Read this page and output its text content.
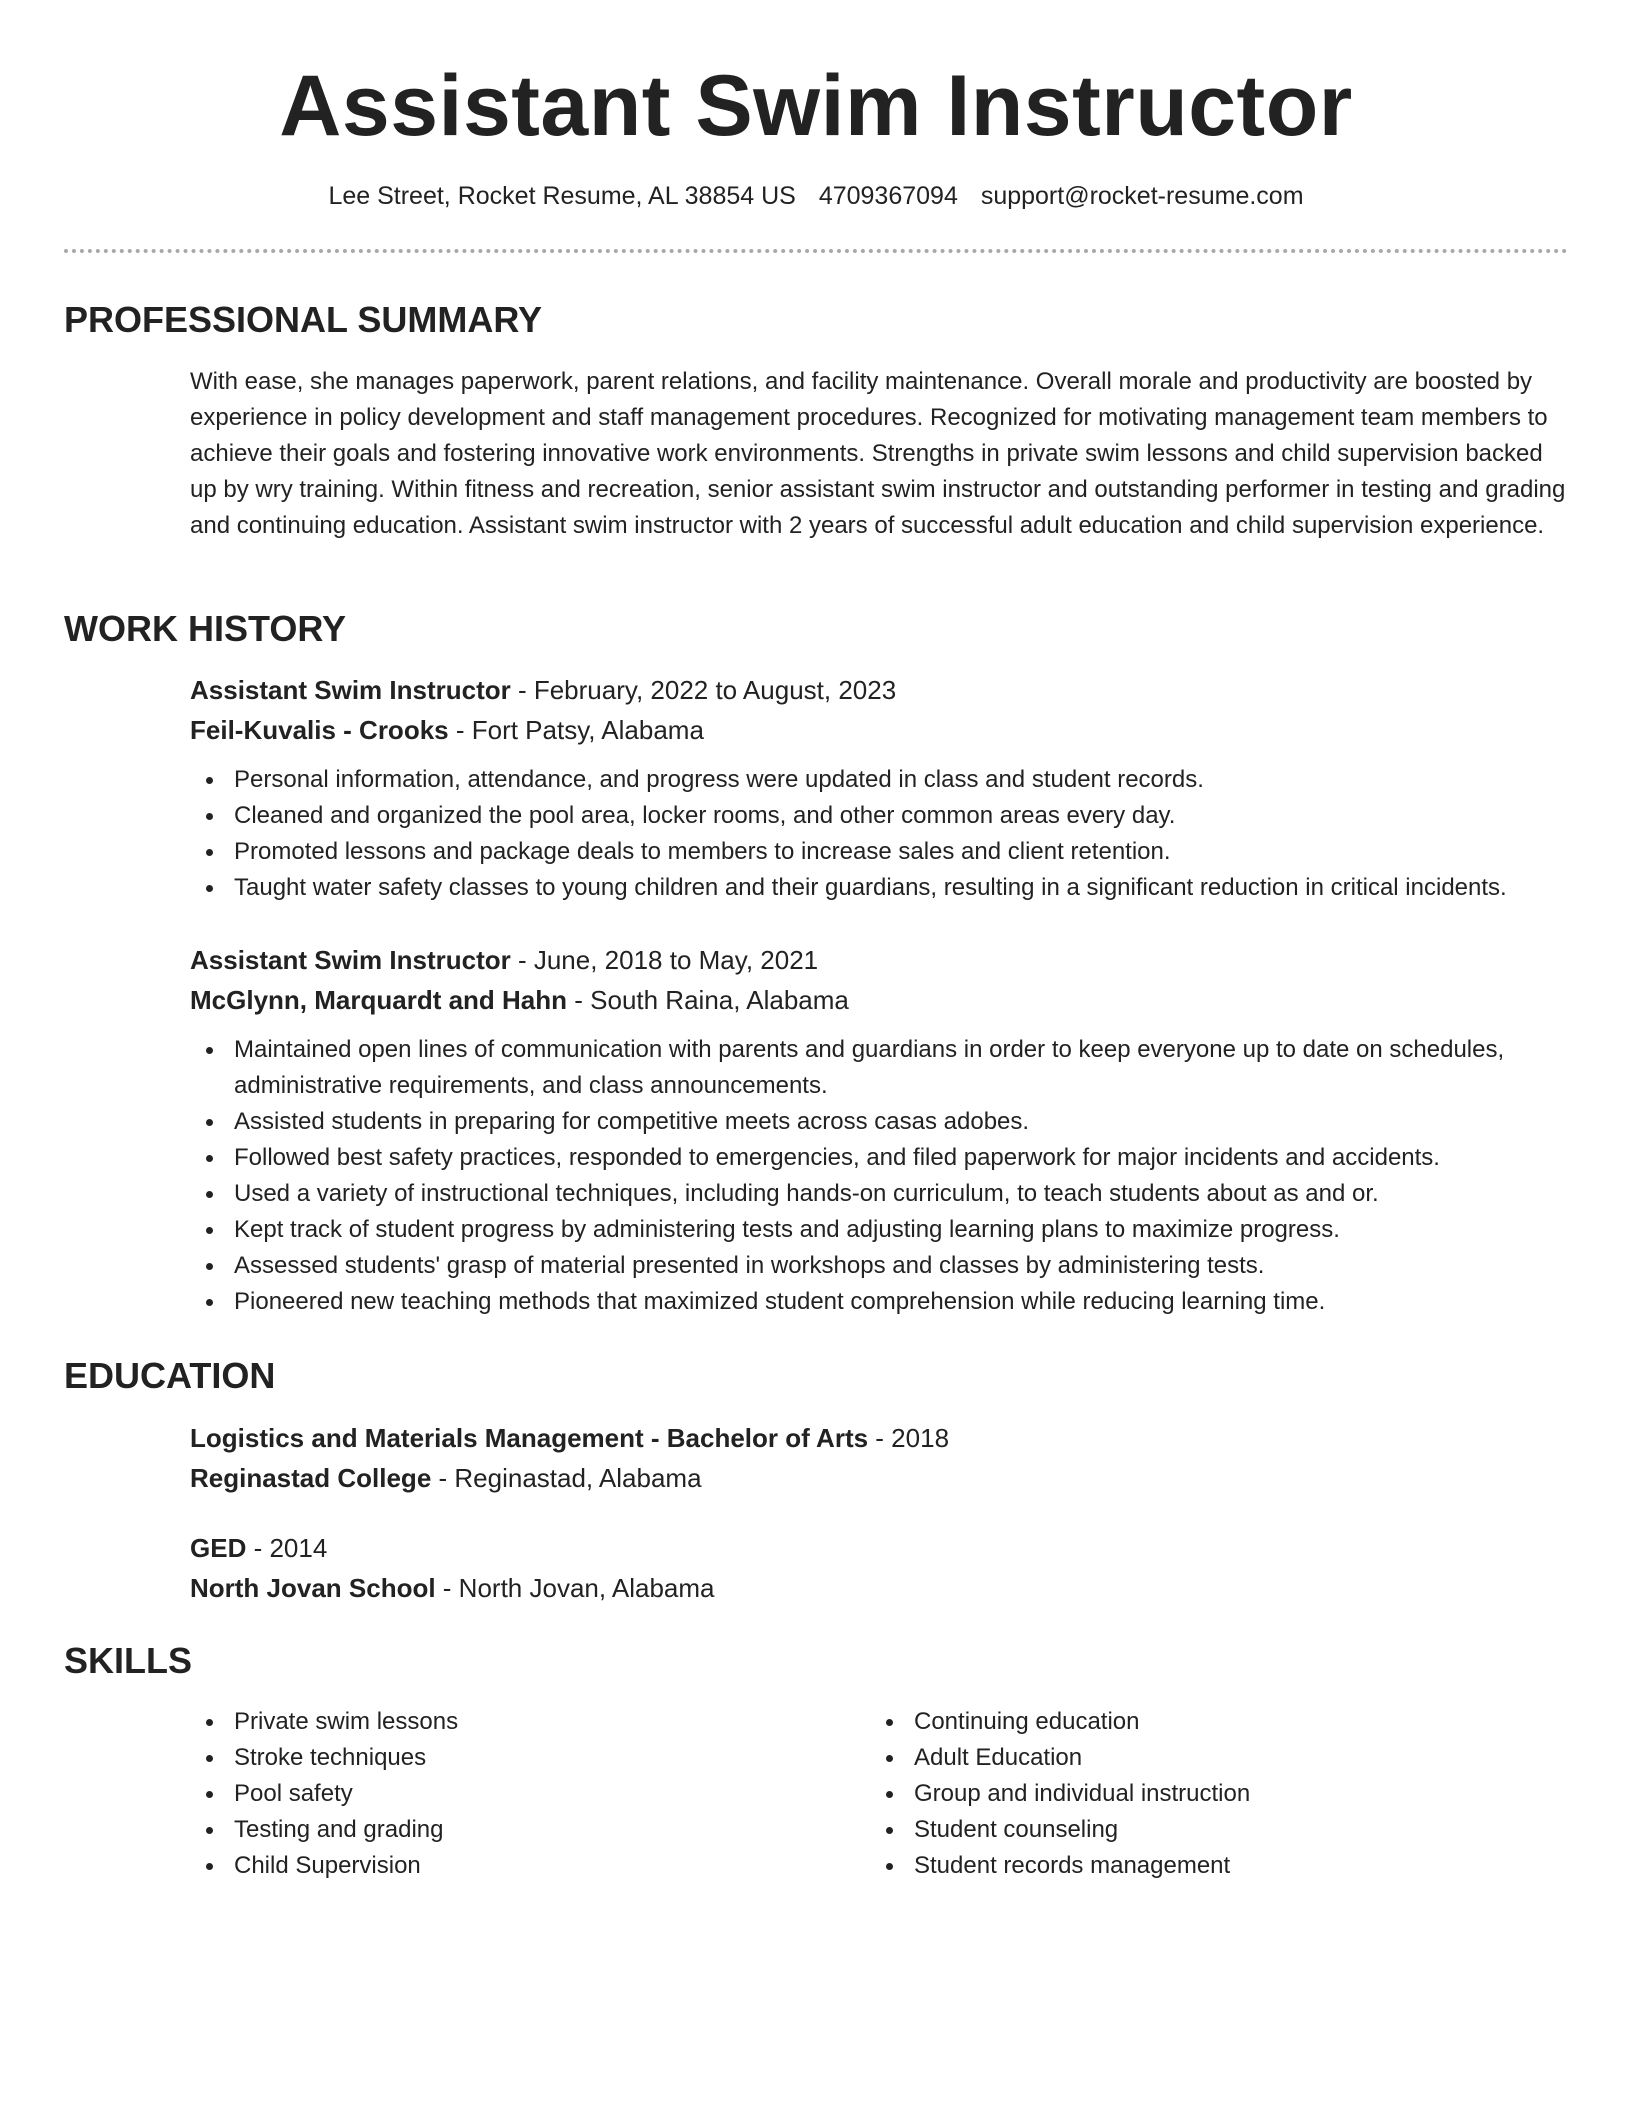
Assistant Swim Instructor
Lee Street, Rocket Resume, AL 38854 US 4709367094 support@rocket-resume.com
PROFESSIONAL SUMMARY

With ease, she manages paperwork, parent relations, and facility maintenance. Overall morale and productivity are boosted by experience in policy development and staff management procedures. Recognized for motivating management team members to achieve their goals and fostering innovative work environments. Strengths in private swim lessons and child supervision backed up by wry training. Within fitness and recreation, senior assistant swim instructor and outstanding performer in testing and grading and continuing education. Assistant swim instructor with 2 years of successful adult education and child supervision experience.

WORK HISTORY

Assistant Swim Instructor - February, 2022 to August, 2023

Feil-Kuvalis - Crooks - Fort Patsy, Alabama

Personal information, attendance, and progress were updated in class and student records.
Cleaned and organized the pool area, locker rooms, and other common areas every day.
Promoted lessons and package deals to members to increase sales and client retention.
Taught water safety classes to young children and their guardians, resulting in a significant reduction in critical incidents.

Assistant Swim Instructor - June, 2018 to May, 2021

McGlynn, Marquardt and Hahn - South Raina, Alabama

Maintained open lines of communication with parents and guardians in order to keep everyone up to date on schedules, administrative requirements, and class announcements.
Assisted students in preparing for competitive meets across casas adobes.
Followed best safety practices, responded to emergencies, and filed paperwork for major incidents and accidents.
Used a variety of instructional techniques, including hands-on curriculum, to teach students about as and or.
Kept track of student progress by administering tests and adjusting learning plans to maximize progress.
Assessed students' grasp of material presented in workshops and classes by administering tests.
Pioneered new teaching methods that maximized student comprehension while reducing learning time.
EDUCATION

Logistics and Materials Management - Bachelor of Arts - 2018

Reginastad College - Reginastad, Alabama

GED - 2014

North Jovan School - North Jovan, Alabama

SKILLS
Private swim lessons
Stroke techniques
Pool safety
Testing and grading
Child Supervision
Continuing education
Adult Education
Group and individual instruction
Student counseling
Student records management
